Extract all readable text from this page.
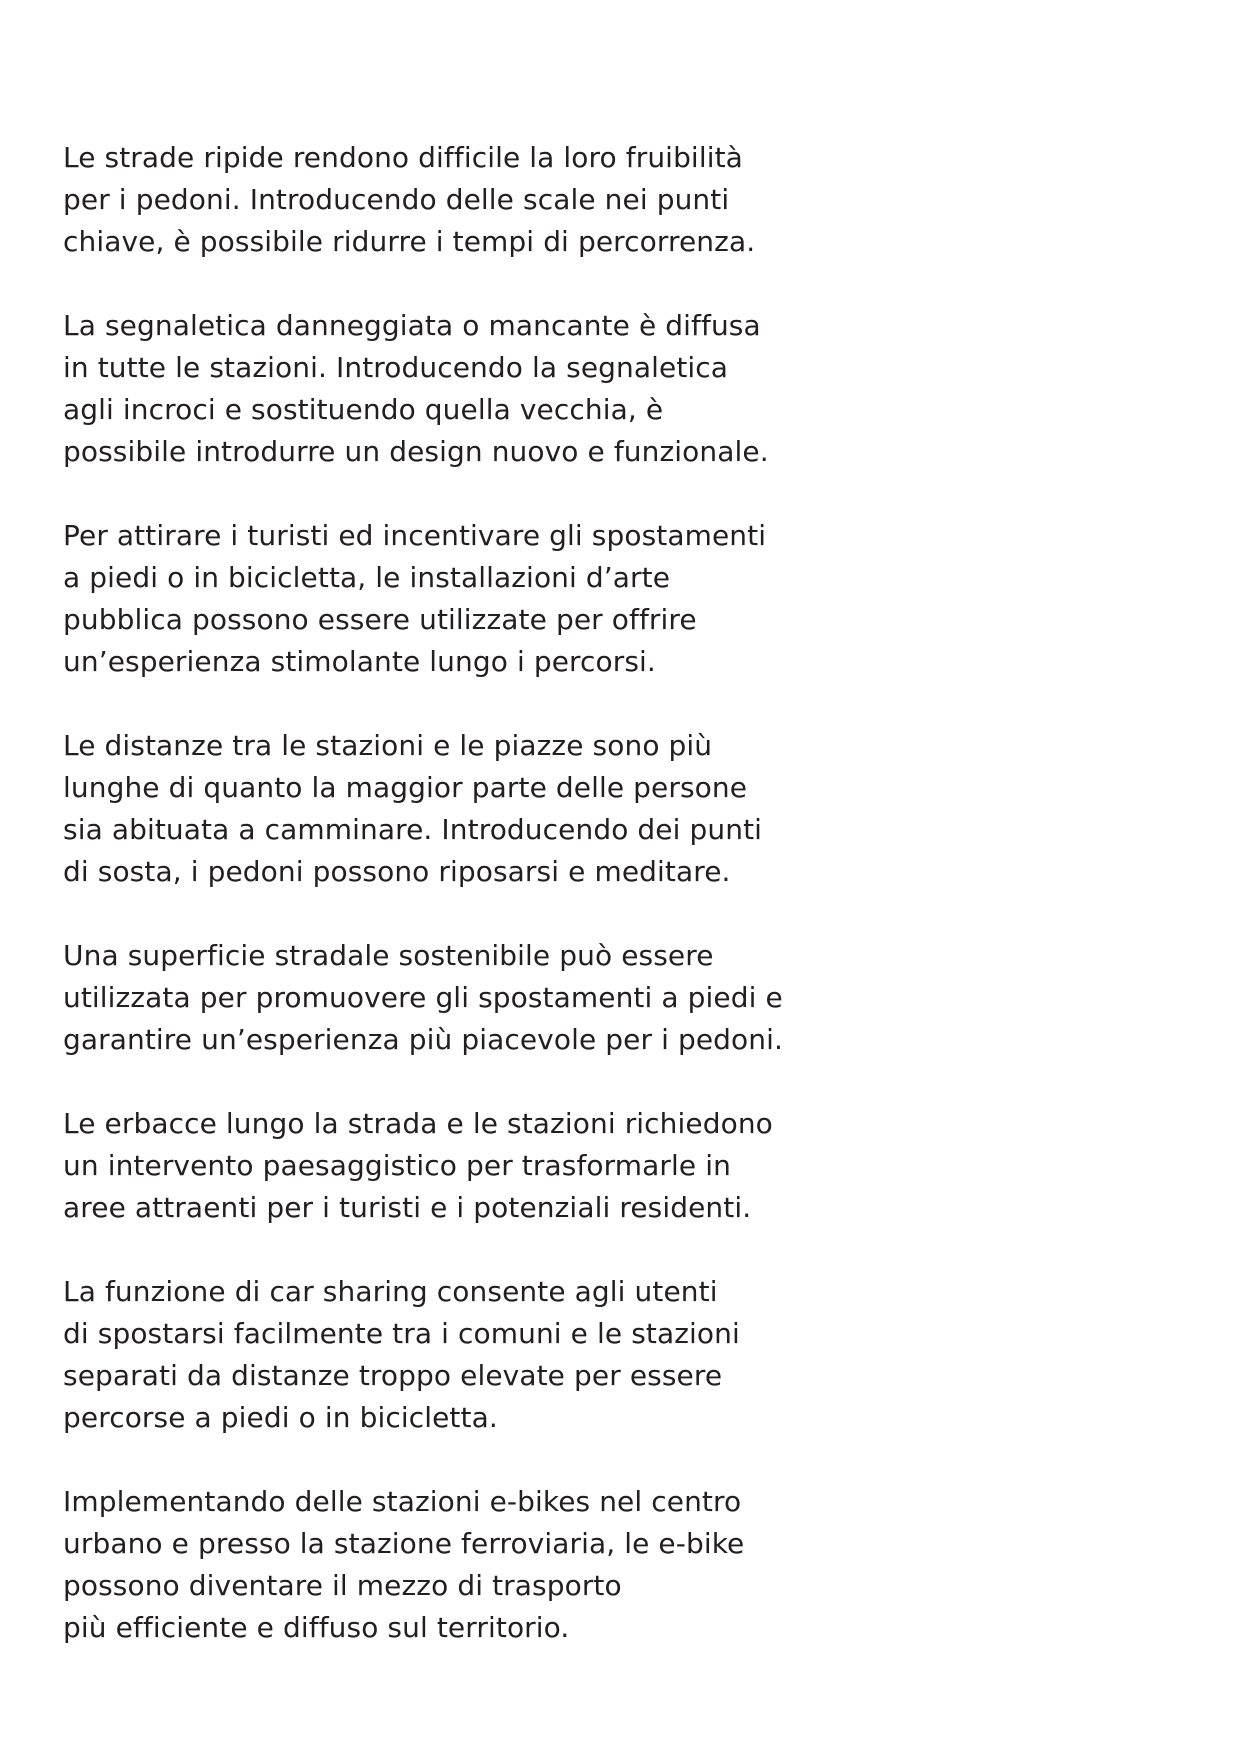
Le strade ripide rendono difficile la loro fruibilità
per i pedoni. Introducendo delle scale nei punti
chiave, è possibile ridurre i tempi di percorrenza.

La segnaletica danneggiata o mancante è diffusa
in tutte le stazioni. Introducendo la segnaletica
agli incroci e sostituendo quella vecchia, è
possibile introdurre un design nuovo e funzionale.

Per attirare i turisti ed incentivare gli spostamenti
a piedi o in bicicletta, le installazioni d’arte
pubblica possono essere utilizzate per offrire
un’esperienza stimolante lungo i percorsi.

Le distanze tra le stazioni e le piazze sono più
lunghe di quanto la maggior parte delle persone
sia abituata a camminare. Introducendo dei punti
di sosta, i pedoni possono riposarsi e meditare.

Una superficie stradale sostenibile può essere
utilizzata per promuovere gli spostamenti a piedi e
garantire un’esperienza più piacevole per i pedoni.

Le erbacce lungo la strada e le stazioni richiedono
un intervento paesaggistico per trasformarle in
aree attraenti per i turisti e i potenziali residenti.

La funzione di car sharing consente agli utenti
di spostarsi facilmente tra i comuni e le stazioni
separati da distanze troppo elevate per essere
percorse a piedi o in bicicletta.

Implementando delle stazioni e-bikes nel centro
urbano e presso la stazione ferroviaria, le e-bike
possono diventare il mezzo di trasporto
più efficiente e diffuso sul territorio.
